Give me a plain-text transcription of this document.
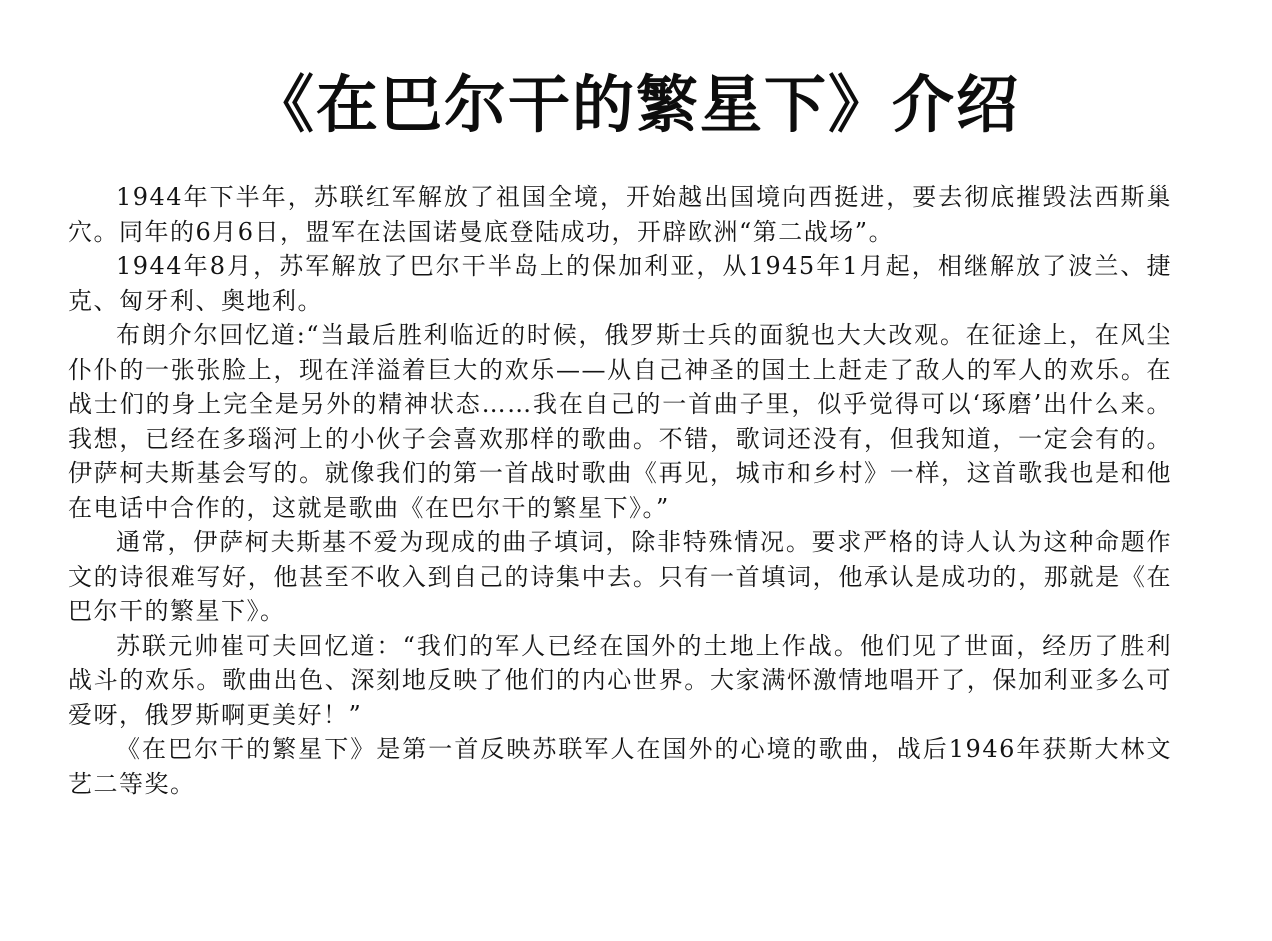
《在巴尔干的繁星下》介绍

1944年下半年，苏联红军解放了祖国全境，开始越出国境向西挺进，要去彻底摧毁法西斯巢穴。同年的6月6日，盟军在法国诺曼底登陆成功，开辟欧洲“第二战场”。

1944年8月，苏军解放了巴尔干半岛上的保加利亚，从1945年1月起，相继解放了波兰、捷克、匈牙利、奥地利。

布朗介尔回忆道:“当最后胜利临近的时候，俄罗斯士兵的面貌也大大改观。在征途上，在风尘仆仆的一张张脸上，现在洋溢着巨大的欢乐——从自己神圣的国土上赶走了敌人的军人的欢乐。在战士们的身上完全是另外的精神状态……我在自己的一首曲子里，似乎觉得可以‘琢磨’出什么来。我想，已经在多瑙河上的小伙子会喜欢那样的歌曲。不错，歌词还没有，但我知道，一定会有的。伊萨柯夫斯基会写的。就像我们的第一首战时歌曲《再见，城市和乡村》一样，这首歌我也是和他在电话中合作的，这就是歌曲《在巴尔干的繁星下》。”

通常，伊萨柯夫斯基不爱为现成的曲子填词，除非特殊情况。要求严格的诗人认为这种命题作文的诗很难写好，他甚至不收入到自己的诗集中去。只有一首填词，他承认是成功的，那就是《在巴尔干的繁星下》。

苏联元帅崔可夫回忆道：“我们的军人已经在国外的土地上作战。他们见了世面，经历了胜利战斗的欢乐。歌曲出色、深刻地反映了他们的内心世界。大家满怀激情地唱开了，保加利亚多么可爱呀，俄罗斯啊更美好！”

《在巴尔干的繁星下》是第一首反映苏联军人在国外的心境的歌曲，战后1946年获斯大林文艺二等奖。
